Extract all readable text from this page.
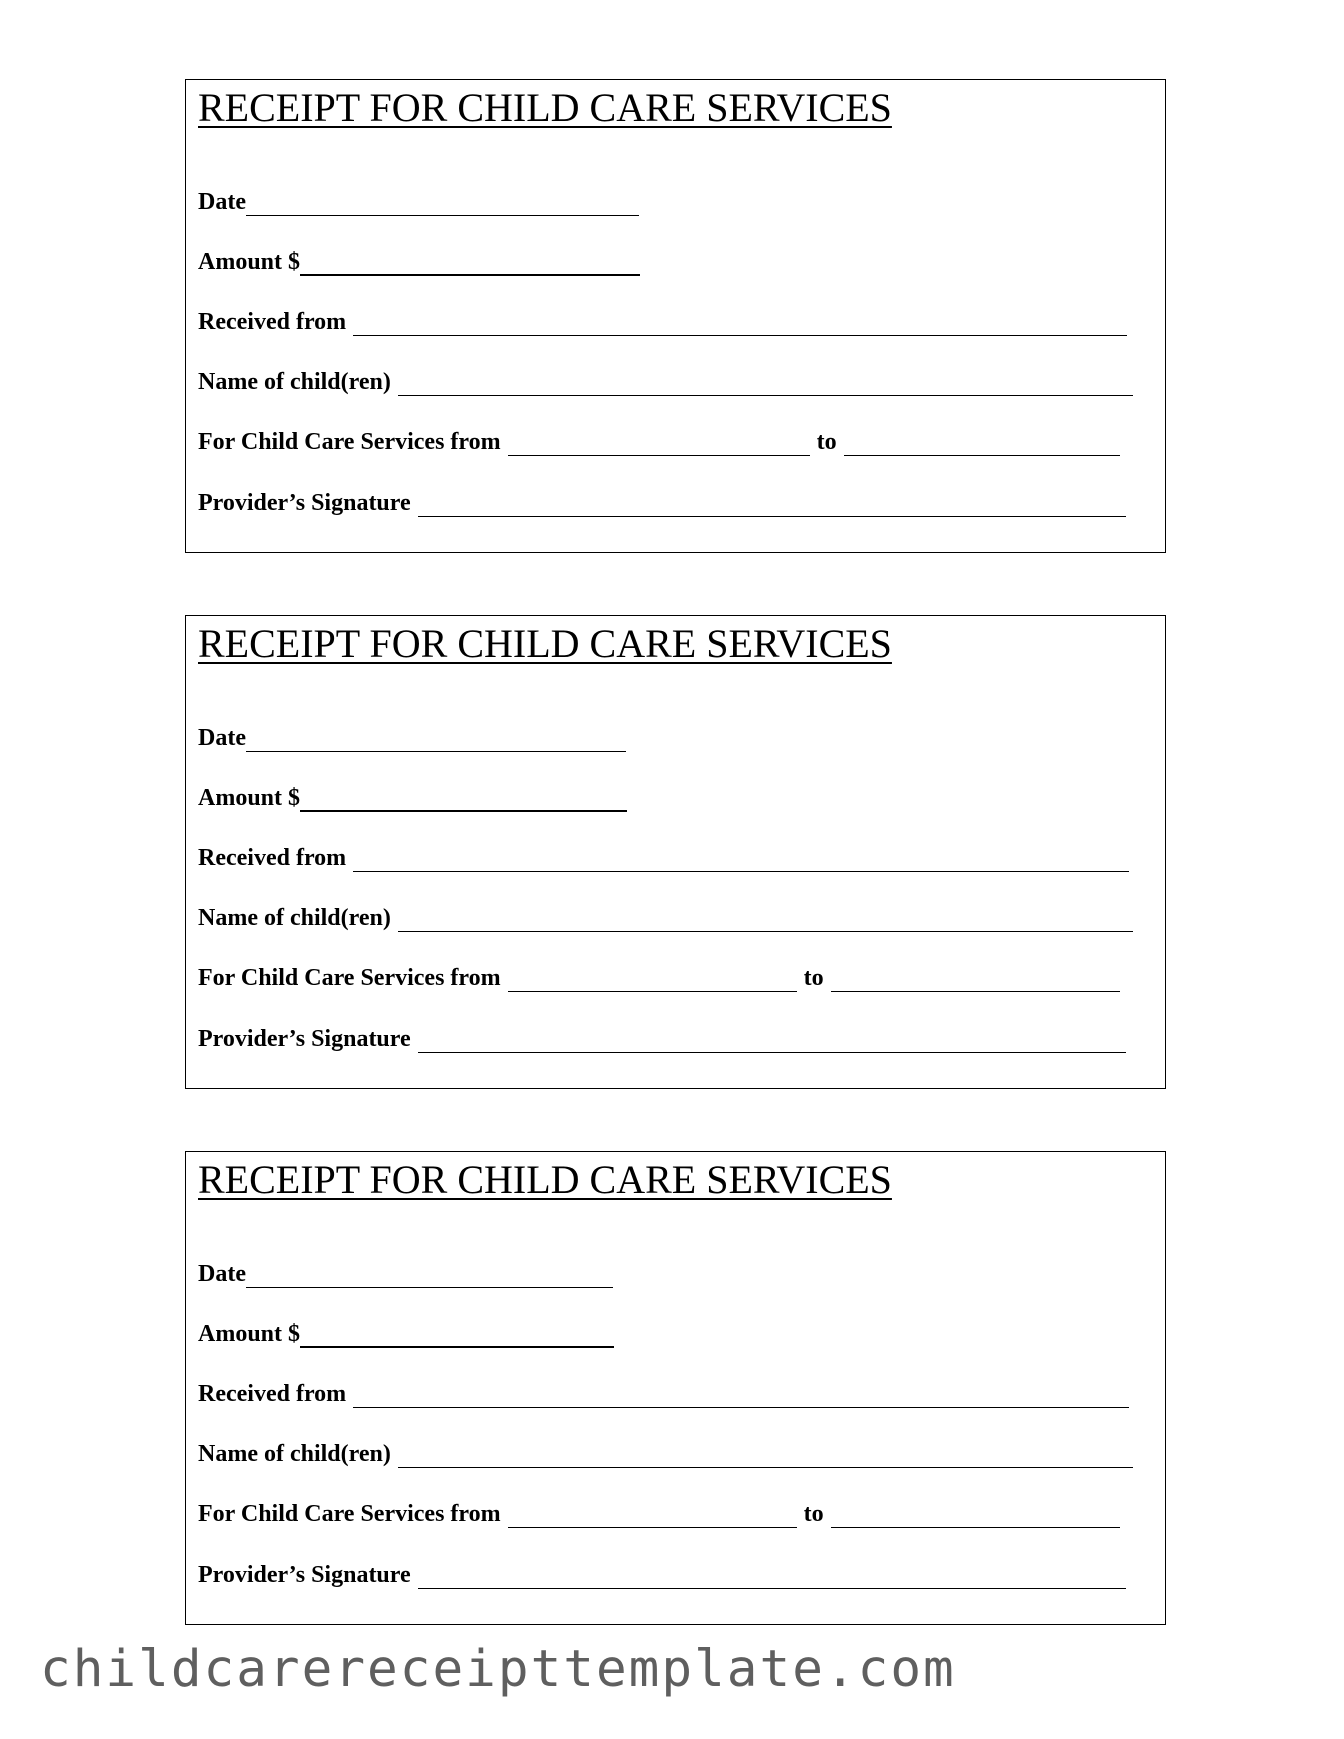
RECEIPT FOR CHILD CARE SERVICES
Date
Amount $
Received from
Name of child(ren)
For Child Care Services from	to
Provider’s Signature
RECEIPT FOR CHILD CARE SERVICES
Date
Amount $
Received from
Name of child(ren)
For Child Care Services from	to
Provider’s Signature
RECEIPT FOR CHILD CARE SERVICES
Date
Amount $
Received from
Name of child(ren)
For Child Care Services from	to
Provider’s Signature
childcarereceipttemplate.com
